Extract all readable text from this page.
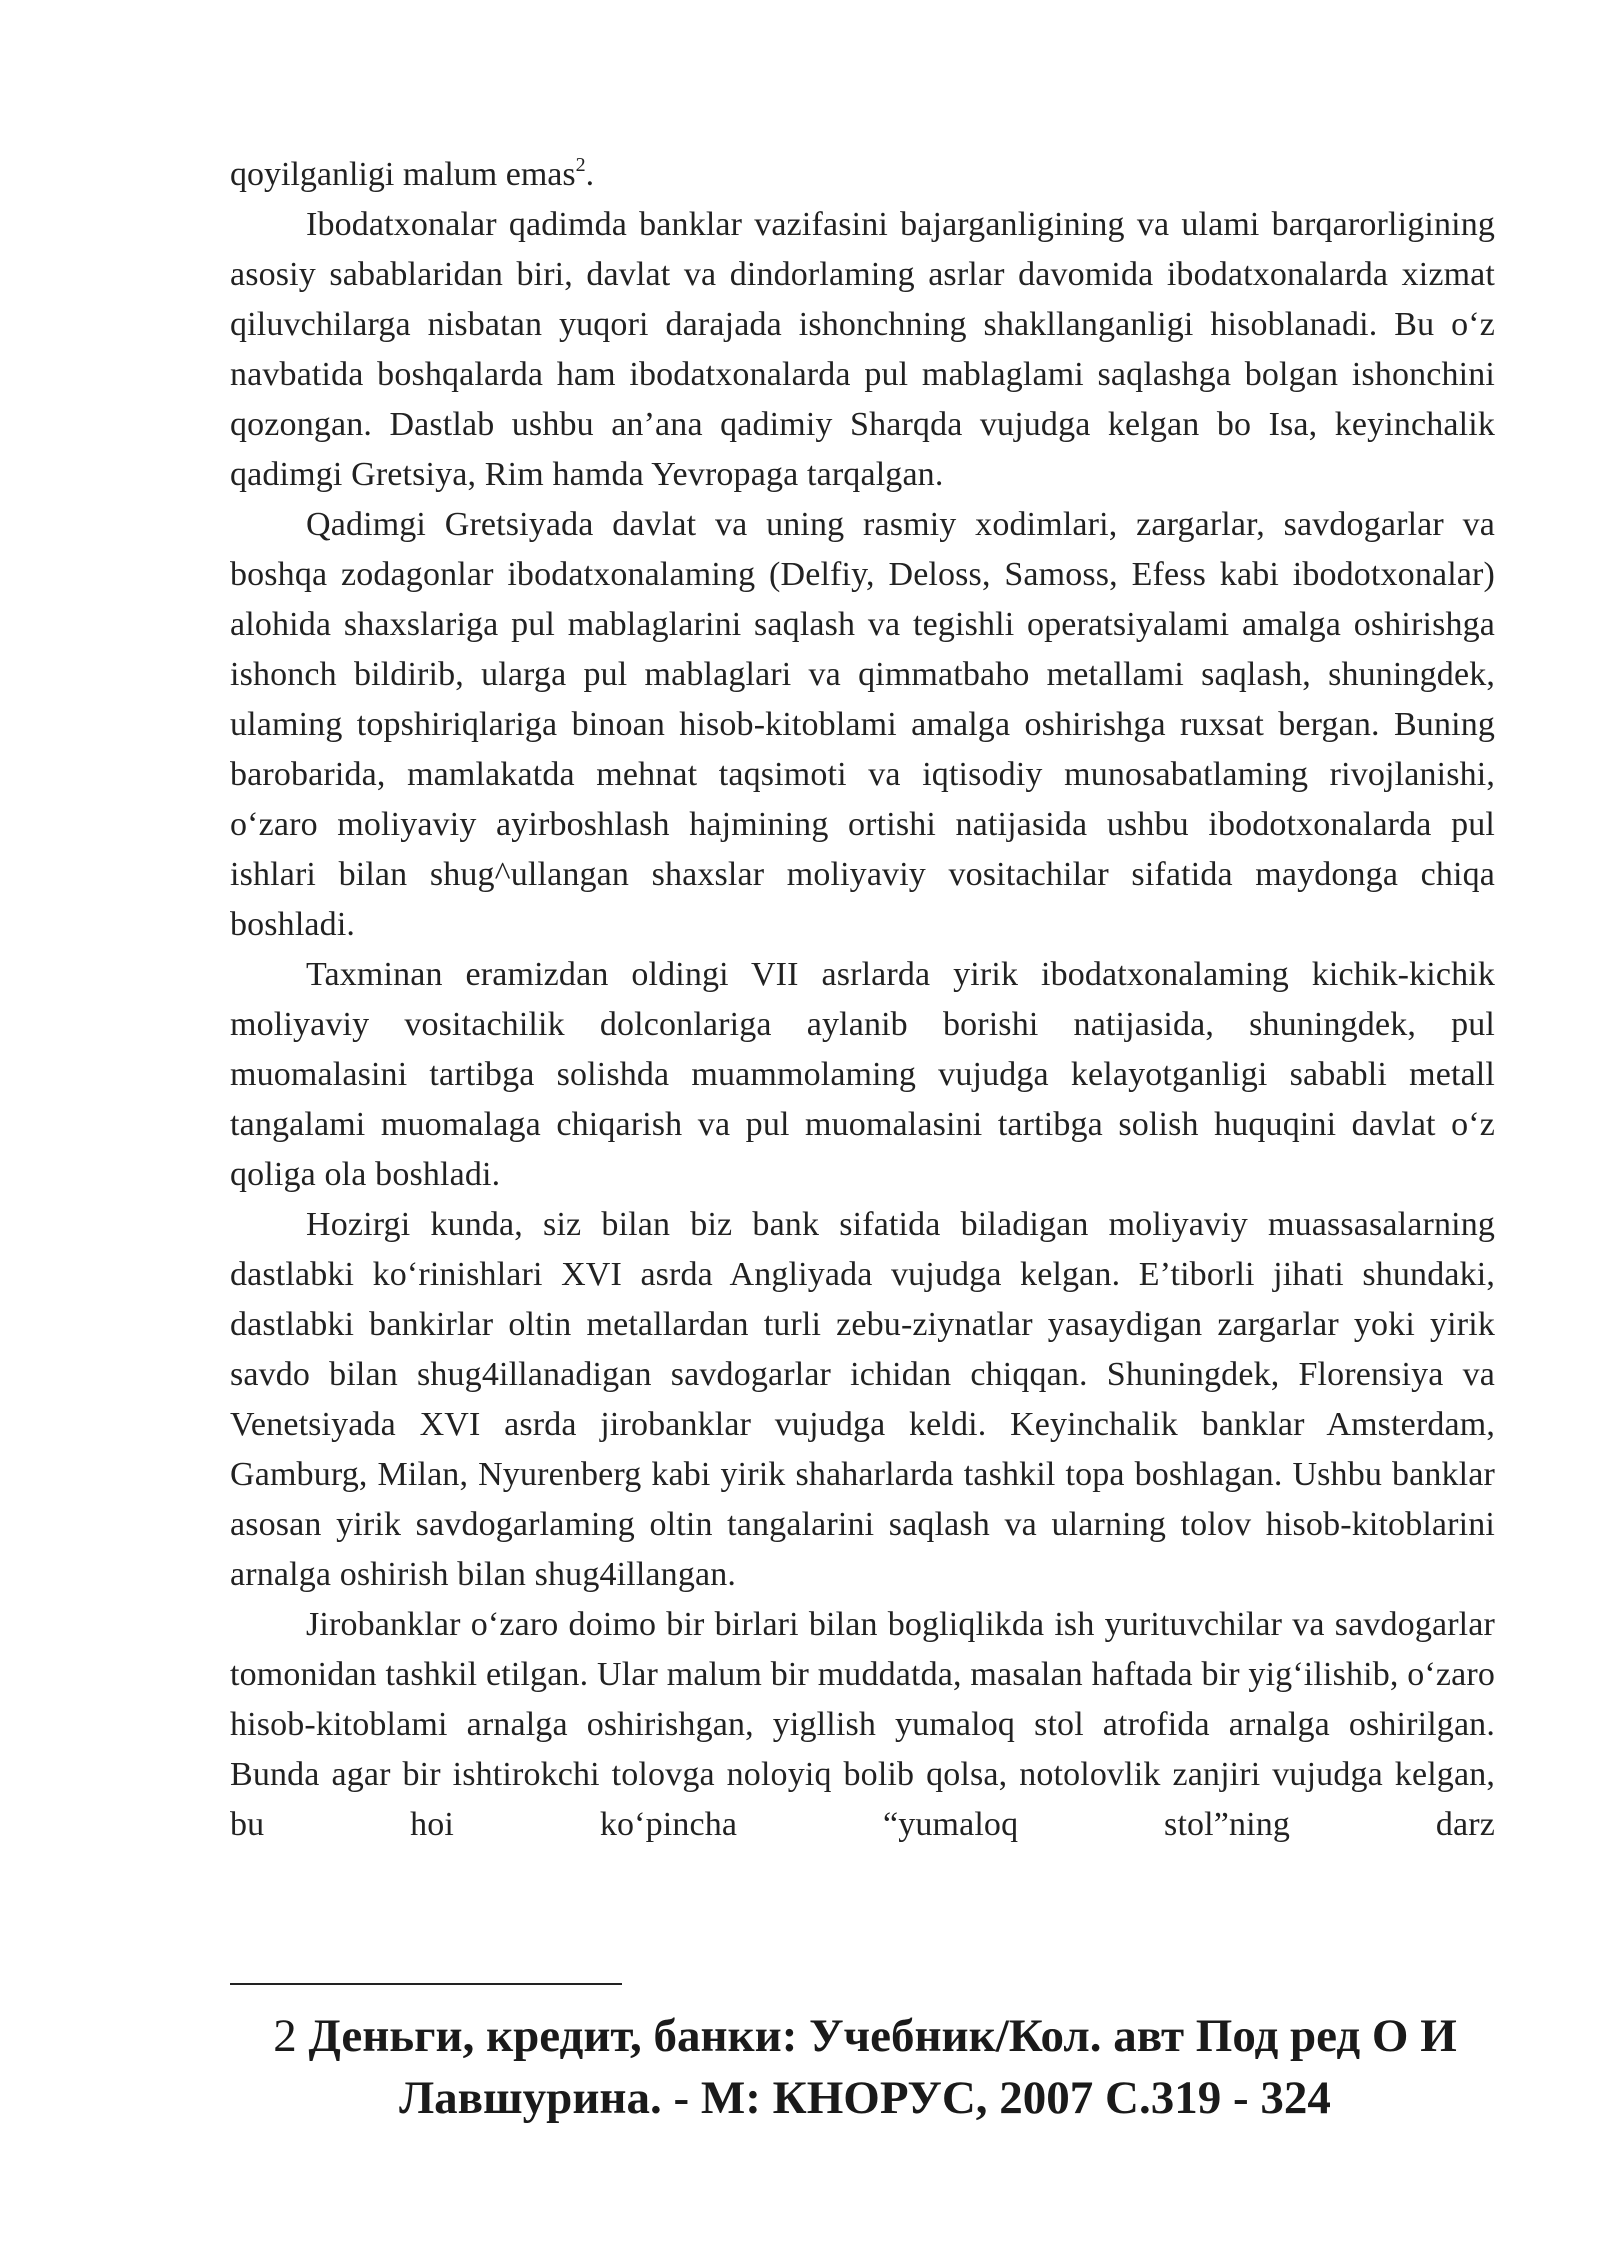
qoyilganligi malum emas$^2$.

Ibodatxonalar qadimda banklar vazifasini bajarganligining va ulami barqarorligining asosiy sabablaridan biri, davlat va dindorlaming asrlar davomida ibodatxonalarda xizmat qiluvchilarga nisbatan yuqori darajada ishonchning shakllanganligi hisoblanadi. Bu o‘z navbatida boshqalarda ham ibodatxonalarda pul mablaglami saqlashga bolgan ishonchini qozongan. Dastlab ushbu an’ana qadimiy Sharqda vujudga kelgan bo Isa, keyinchalik qadimgi Gretsiya, Rim hamda Yevropaga tarqalgan.

Qadimgi Gretsiyada davlat va uning rasmiy xodimlari, zargarlar, savdogarlar va boshqa zodagonlar ibodatxonalaming (Delfiy, Deloss, Samoss, Efess kabi ibodotxonalar) alohida shaxslariga pul mablaglarini saqlash va tegishli operatsiyalami amalga oshirishga ishonch bildirib, ularga pul mablaglari va qimmatbaho metallami saqlash, shuningdek, ulaming topshiriqlariga binoan hisob-kitoblami amalga oshirishga ruxsat bergan. Buning barobarida, mamlakatda mehnat taqsimoti va iqtisodiy munosabatlaming rivojlanishi, o‘zaro moliyaviy ayirboshlash hajmining ortishi natijasida ushbu ibodotxonalarda pul ishlari bilan shug^ullangan shaxslar moliyaviy vositachilar sifatida maydonga chiqa boshladi.

Taxminan eramizdan oldingi VII asrlarda yirik ibodatxonalaming kichik-kichik moliyaviy vositachilik dolconlariga aylanib borishi natijasida, shuningdek, pul muomalasini tartibga solishda muammolaming vujudga kelayotganligi sababli metall tangalami muomalaga chiqarish va pul muomalasini tartibga solish huquqini davlat o‘z qoliga ola boshladi.

Hozirgi kunda, siz bilan biz bank sifatida biladigan moliyaviy muassasalarning dastlabki ko‘rinishlari XVI asrda Angliyada vujudga kelgan. E’tiborli jihati shundaki, dastlabki bankirlar oltin metallardan turli zebu-ziynatlar yasaydigan zargarlar yoki yirik savdo bilan shug4illanadigan savdogarlar ichidan chiqqan. Shuningdek, Florensiya va Venetsiyada XVI asrda jirobanklar vujudga keldi. Keyinchalik banklar Amsterdam, Gamburg, Milan, Nyurenberg kabi yirik shaharlarda tashkil topa boshlagan. Ushbu banklar asosan yirik savdogarlaming oltin tangalarini saqlash va ularning tolov hisob-kitoblarini arnalga oshirish bilan shug4illangan.

Jirobanklar o‘zaro doimo bir birlari bilan bogliqlikda ish yurituvchilar va savdogarlar tomonidan tashkil etilgan. Ular malum bir muddatda, masalan haftada bir yig‘ilishib, o‘zaro hisob-kitoblami arnalga oshirishgan, yigllish yumaloq stol atrofida arnalga oshirilgan. Bunda agar bir ishtirokchi tolovga noloyiq bolib qolsa, notolovlik zanjiri vujudga kelgan, bu hoi ko‘pincha “yumaloq stol”ning darz

2 Деньги, кредит, банки: Учебник/Кол. авт Под ред О И Лавшурина. - М: КНОРУС, 2007 С.319 - 324
